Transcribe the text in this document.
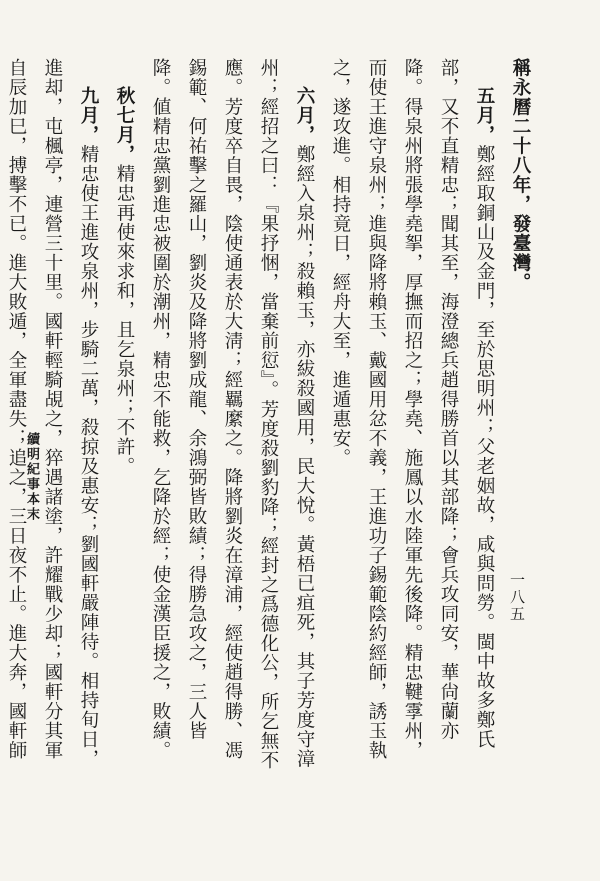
稱永曆二十八年，發臺灣。

五月，鄭經取銅山及金門，至於思明州；父老姻故，咸與問勞。閩中故多鄭氏部，又不直精忠；聞其至，海澄總兵趙得勝首以其部降；會兵攻同安，華尙蘭亦降。得泉州將張學堯挐，厚撫而招之；學堯、施鳳以水陸軍先後降。精忠鞬䨗州，而使王進守泉州；進與降將賴玉、戴國用忿不義，王進功子錫範陰約經師，誘玉執之，遂攻進。相持竟日，經舟大至，進遁惠安。

六月，鄭經入泉州；殺賴玉，亦紱殺國用，民大悅。黃梧已疽死，其子芳度守漳州；經招之曰：『果抒悃，當棄前愆』。芳度殺劉豹降；經封之爲德化公，所乞無不應。芳度卒自畏，陰使通表於大淸；經羈縻之。降將劉炎在漳浦，經使趙得勝、馮錫範、何祐擊之羅山，劉炎及降將劉成龍、余鴻弼皆敗績；得勝急攻之，三人皆降。値精忠黨劉進忠被圍於潮州，精忠不能救，乞降於經；使金漢臣援之，敗績。

秋七月，精忠再使來求和，且乞泉州；不許。

九月，精忠使王進攻泉州，步騎二萬，殺掠及惠安；劉國軒嚴陣待。相持旬日，進却，屯楓亭，連營三十里。國軒輕騎覘之，猝遇諸塗，許耀戰少却；國軒分其軍自辰加巳，搏擊不已。進大敗遁，全軍盡失；追之，三日夜不止。進大奔，國軒師

續明紀事本末
一八五
